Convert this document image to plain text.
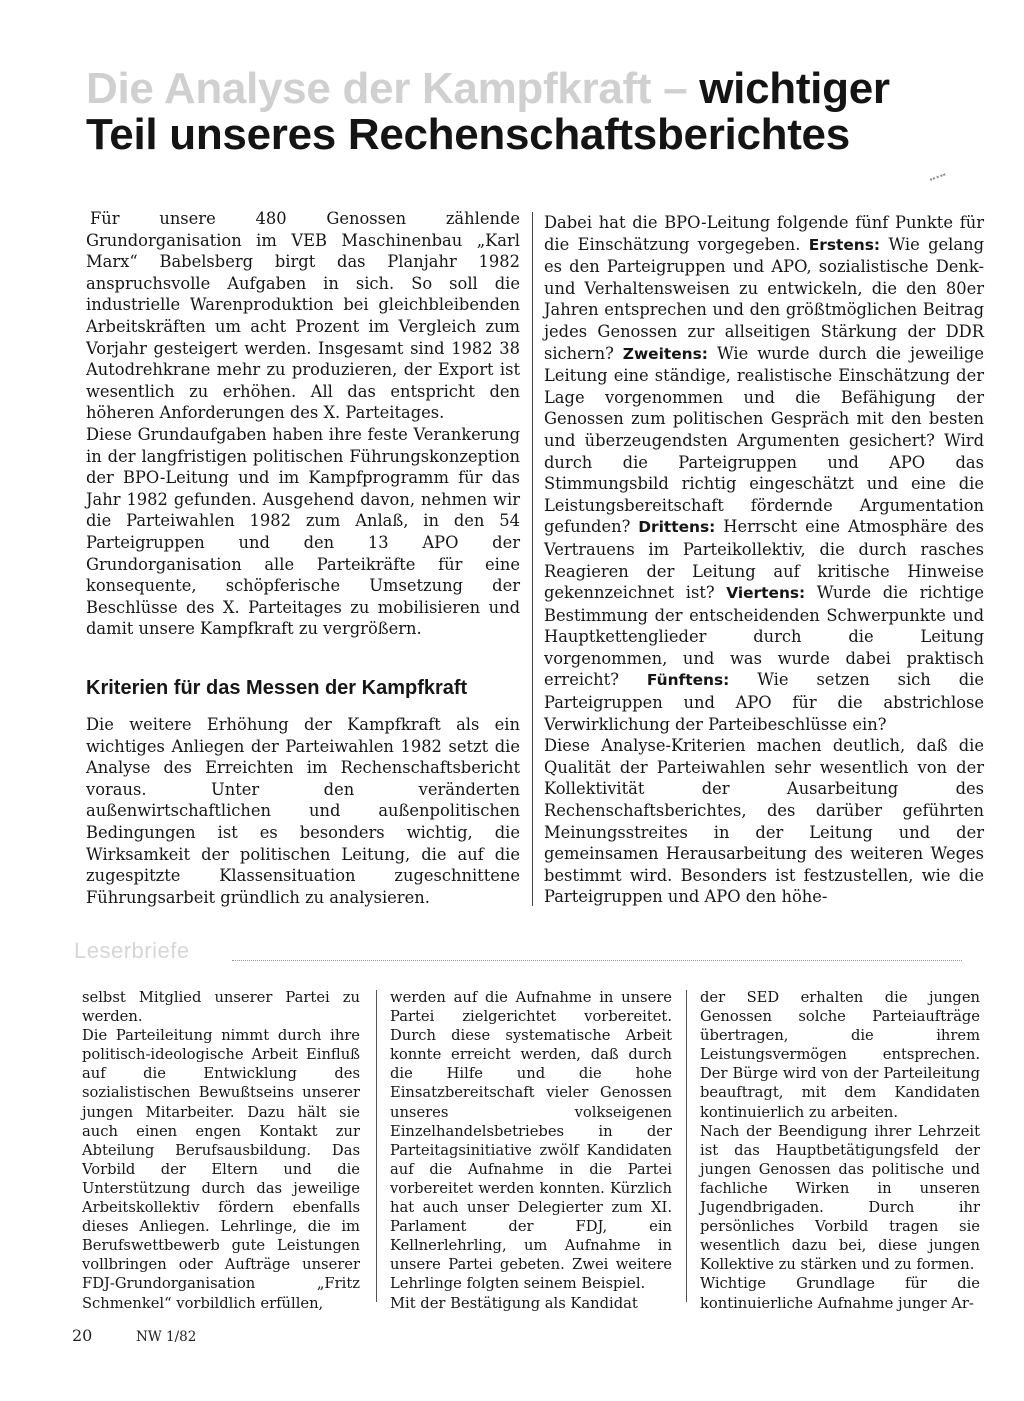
Die Analyse der Kampfkraft – wichtiger Teil unseres Rechenschaftsberichtes

Für unsere 480 Genossen zählende Grundorganisation im VEB Maschinenbau „Karl Marx“ Babelsberg birgt das Planjahr 1982 anspruchsvolle Aufgaben in sich. So soll die industrielle Warenproduktion bei gleichbleibenden Arbeitskräften um acht Prozent im Vergleich zum Vorjahr gesteigert werden. Insgesamt sind 1982 38 Autodrehkrane mehr zu produzieren, der Export ist wesentlich zu erhöhen. All das entspricht den höheren Anforderungen des X. Parteitages.

Diese Grundaufgaben haben ihre feste Verankerung in der langfristigen politischen Führungskonzeption der BPO-Leitung und im Kampfprogramm für das Jahr 1982 gefunden. Ausgehend davon, nehmen wir die Parteiwahlen 1982 zum Anlaß, in den 54 Parteigruppen und den 13 APO der Grundorganisation alle Parteikräfte für eine konsequente, schöpferische Umsetzung der Beschlüsse des X. Parteitages zu mobilisieren und damit unsere Kampfkraft zu vergrößern.

Kriterien für das Messen der Kampfkraft

Die weitere Erhöhung der Kampfkraft als ein wichtiges Anliegen der Parteiwahlen 1982 setzt die Analyse des Erreichten im Rechenschaftsbericht voraus. Unter den veränderten außenwirtschaftlichen und außenpolitischen Bedingungen ist es besonders wichtig, die Wirksamkeit der politischen Leitung, die auf die zugespitzte Klassensituation zugeschnittene Führungsarbeit gründlich zu analysieren.

Dabei hat die BPO-Leitung folgende fünf Punkte für die Einschätzung vorgegeben. Erstens: Wie gelang es den Parteigruppen und APO, sozialistische Denk- und Verhaltensweisen zu entwickeln, die den 80er Jahren entsprechen und den größtmöglichen Beitrag jedes Genossen zur allseitigen Stärkung der DDR sichern? Zweitens: Wie wurde durch die jeweilige Leitung eine ständige, realistische Einschätzung der Lage vorgenommen und die Befähigung der Genossen zum politischen Gespräch mit den besten und überzeugendsten Argumenten gesichert? Wird durch die Parteigruppen und APO das Stimmungsbild richtig eingeschätzt und eine die Leistungsbereitschaft fördernde Argumentation gefunden? Drittens: Herrscht eine Atmosphäre des Vertrauens im Parteikollektiv, die durch rasches Reagieren der Leitung auf kritische Hinweise gekennzeichnet ist? Viertens: Wurde die richtige Bestimmung der entscheidenden Schwerpunkte und Hauptkettenglieder durch die Leitung vorgenommen, und was wurde dabei praktisch erreicht? Fünftens: Wie setzen sich die Parteigruppen und APO für die abstrichlose Verwirklichung der Parteibeschlüsse ein?

Diese Analyse-Kriterien machen deutlich, daß die Qualität der Parteiwahlen sehr wesentlich von der Kollektivität der Ausarbeitung des Rechenschaftsberichtes, des darüber geführten Meinungsstreites in der Leitung und der gemeinsamen Herausarbeitung des weiteren Weges bestimmt wird. Besonders ist festzustellen, wie die Parteigruppen und APO den höhe-

Leserbriefe

selbst Mitglied unserer Partei zu werden.

Die Parteileitung nimmt durch ihre politisch-ideologische Arbeit Einfluß auf die Entwicklung des sozialistischen Bewußtseins unserer jungen Mitarbeiter. Dazu hält sie auch einen engen Kontakt zur Abteilung Berufsausbildung. Das Vorbild der Eltern und die Unterstützung durch das jeweilige Arbeitskollektiv fördern ebenfalls dieses Anliegen. Lehrlinge, die im Berufswettbewerb gute Leistungen vollbringen oder Aufträge unserer FDJ-Grundorganisation „Fritz Schmenkel“ vorbildlich erfüllen,

werden auf die Aufnahme in unsere Partei zielgerichtet vorbereitet. Durch diese systematische Arbeit konnte erreicht werden, daß durch die Hilfe und die hohe Einsatzbereitschaft vieler Genossen unseres volkseigenen Einzelhandelsbetriebes in der Parteitagsinitiative zwölf Kandidaten auf die Aufnahme in die Partei vorbereitet werden konnten. Kürzlich hat auch unser Delegierter zum XI. Parlament der FDJ, ein Kellnerlehrling, um Aufnahme in unsere Partei gebeten. Zwei weitere Lehrlinge folgten seinem Beispiel.

Mit der Bestätigung als Kandidat

der SED erhalten die jungen Genossen solche Parteiaufträge übertragen, die ihrem Leistungsvermögen entsprechen. Der Bürge wird von der Parteileitung beauftragt, mit dem Kandidaten kontinuierlich zu arbeiten.

Nach der Beendigung ihrer Lehrzeit ist das Hauptbetätigungsfeld der jungen Genossen das politische und fachliche Wirken in unseren Jugendbrigaden. Durch ihr persönliches Vorbild tragen sie wesentlich dazu bei, diese jungen Kollektive zu stärken und zu formen.

Wichtige Grundlage für die kontinuierliche Aufnahme junger Ar-

20	NW 1/82
